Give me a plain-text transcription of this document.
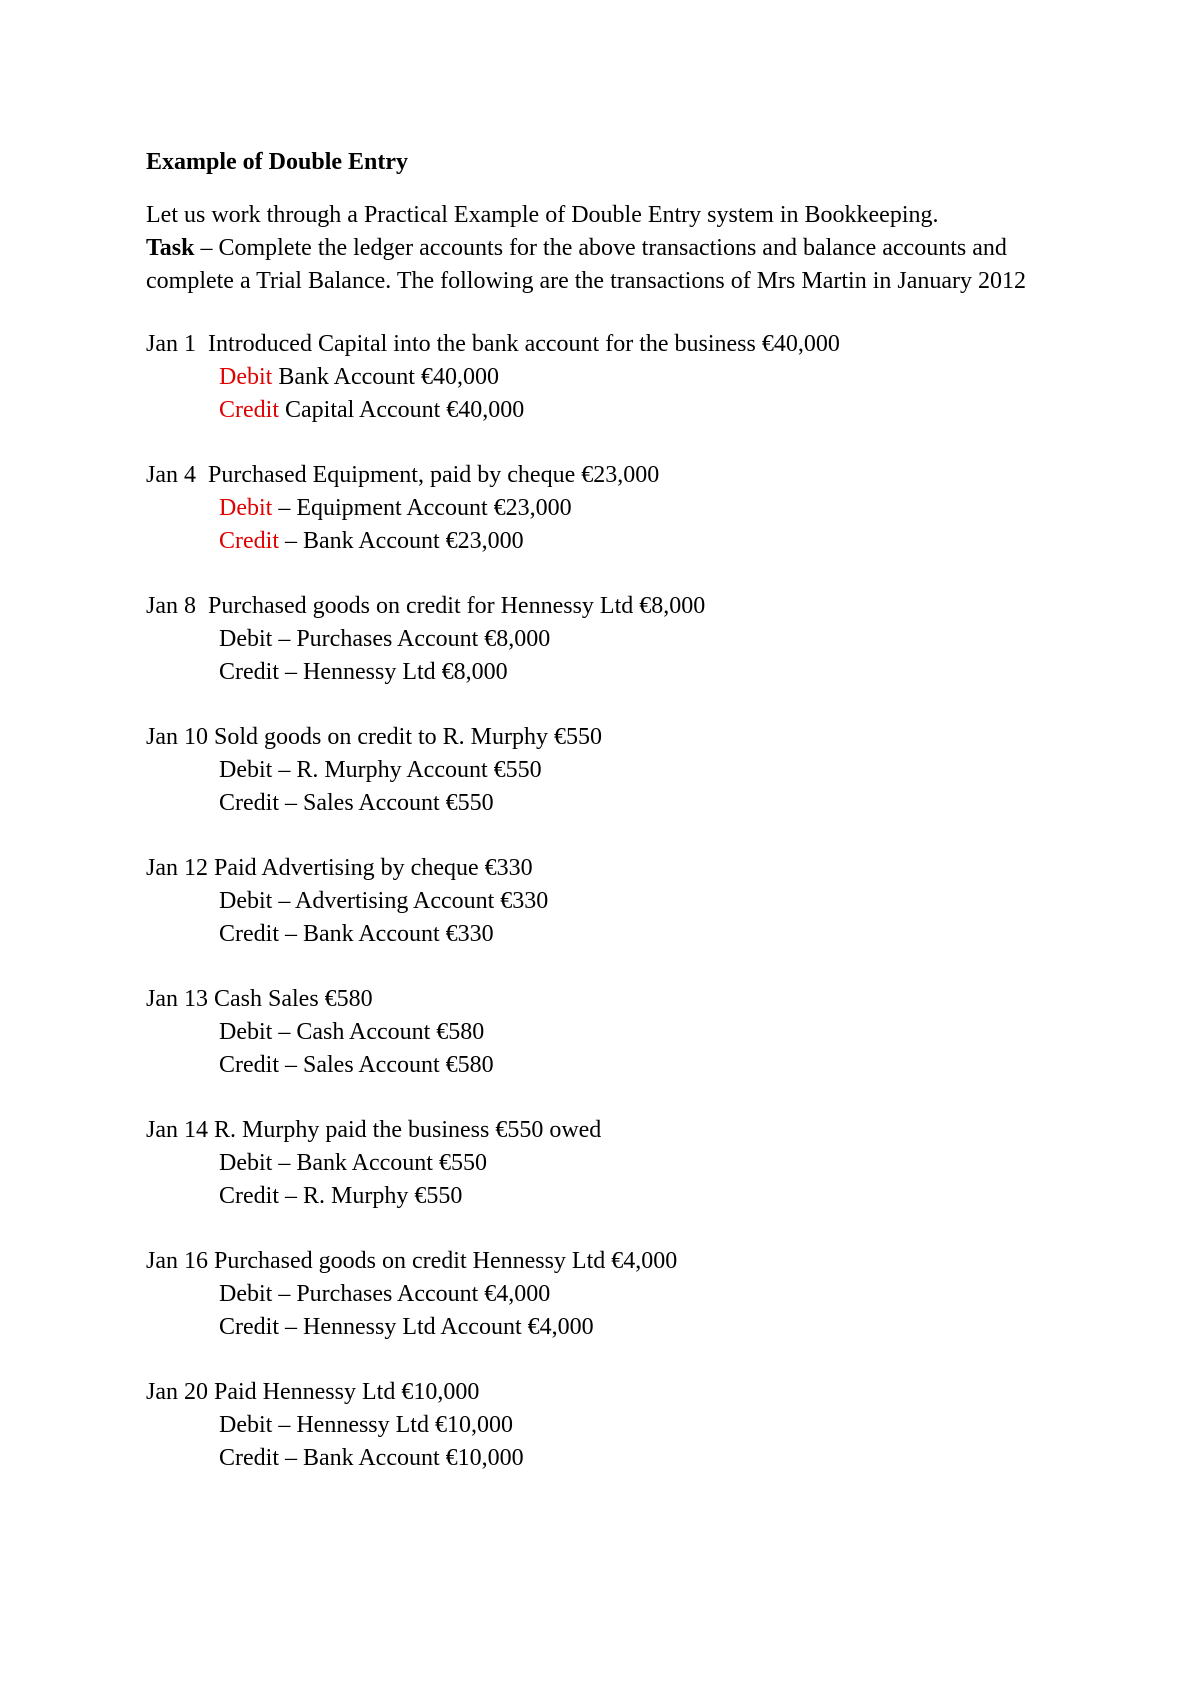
Example of Double Entry

Let us work through a Practical Example of Double Entry system in Bookkeeping.
Task – Complete the ledger accounts for the above transactions and balance accounts and complete a Trial Balance. The following are the transactions of Mrs Martin in January 2012

Jan 1 Introduced Capital into the bank account for the business €40,000
Debit Bank Account €40,000
Credit Capital Account €40,000
Jan 4 Purchased Equipment, paid by cheque €23,000
Debit – Equipment Account €23,000
Credit – Bank Account €23,000
Jan 8 Purchased goods on credit for Hennessy Ltd €8,000
Debit – Purchases Account €8,000
Credit – Hennessy Ltd €8,000
Jan 10 Sold goods on credit to R. Murphy €550
Debit – R. Murphy Account €550
Credit – Sales Account €550
Jan 12 Paid Advertising by cheque €330
Debit – Advertising Account €330
Credit – Bank Account €330
Jan 13 Cash Sales €580
Debit – Cash Account €580
Credit – Sales Account €580
Jan 14 R. Murphy paid the business €550 owed
Debit – Bank Account €550
Credit – R. Murphy €550
Jan 16 Purchased goods on credit Hennessy Ltd €4,000
Debit – Purchases Account €4,000
Credit – Hennessy Ltd Account €4,000
Jan 20 Paid Hennessy Ltd €10,000
Debit – Hennessy Ltd €10,000
Credit – Bank Account €10,000
